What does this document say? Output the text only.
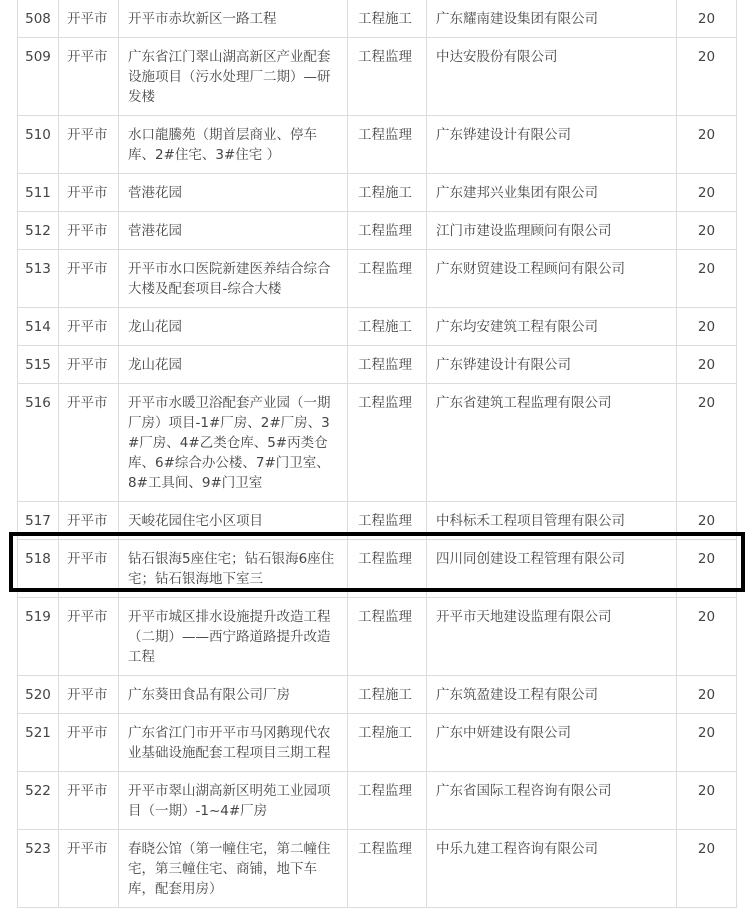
508	开平市	开平市赤坎新区一路工程	工程施工	广东耀南建设集团有限公司	20
509	开平市	广东省江门翠山湖高新区产业配套设施项目（污水处理厂二期）—研发楼	工程监理	中达安股份有限公司	20
510	开平市	水口龍騰苑（期首层商业、停车库、2#住宅、3#住宅 ）	工程监理	广东铧建设计有限公司	20
511	开平市	菅港花园	工程施工	广东建邦兴业集团有限公司	20
512	开平市	菅港花园	工程监理	江门市建设监理顾问有限公司	20
513	开平市	开平市水口医院新建医养结合综合大楼及配套项目-综合大楼	工程监理	广东财贸建设工程顾问有限公司	20
514	开平市	龙山花园	工程施工	广东均安建筑工程有限公司	20
515	开平市	龙山花园	工程监理	广东铧建设计有限公司	20
516	开平市	开平市水暖卫浴配套产业园（一期厂房）项目-1#厂房、2#厂房、3#厂房、4#乙类仓库、5#丙类仓库、6#综合办公楼、7#门卫室、8#工具间、9#门卫室	工程监理	广东省建筑工程监理有限公司	20
517	开平市	天峻花园住宅小区项目	工程监理	中科标禾工程项目管理有限公司	20
518	开平市	钻石银海5座住宅；钻石银海6座住宅；钻石银海地下室三	工程监理	四川同创建设工程管理有限公司	20
519	开平市	开平市城区排水设施提升改造工程（二期）——西宁路道路提升改造工程	工程监理	开平市天地建设监理有限公司	20
520	开平市	广东葵田食品有限公司厂房	工程施工	广东筑盈建设工程有限公司	20
521	开平市	广东省江门市开平市马冈鹅现代农业基础设施配套工程项目三期工程	工程施工	广东中妍建设有限公司	20
522	开平市	开平市翠山湖高新区明苑工业园项目（一期）-1~4#厂房	工程监理	广东省国际工程咨询有限公司	20
523	开平市	春晓公馆（第一幢住宅，第二幢住宅，第三幢住宅、商铺，地下车库，配套用房）	工程监理	中乐九建工程咨询有限公司	20
